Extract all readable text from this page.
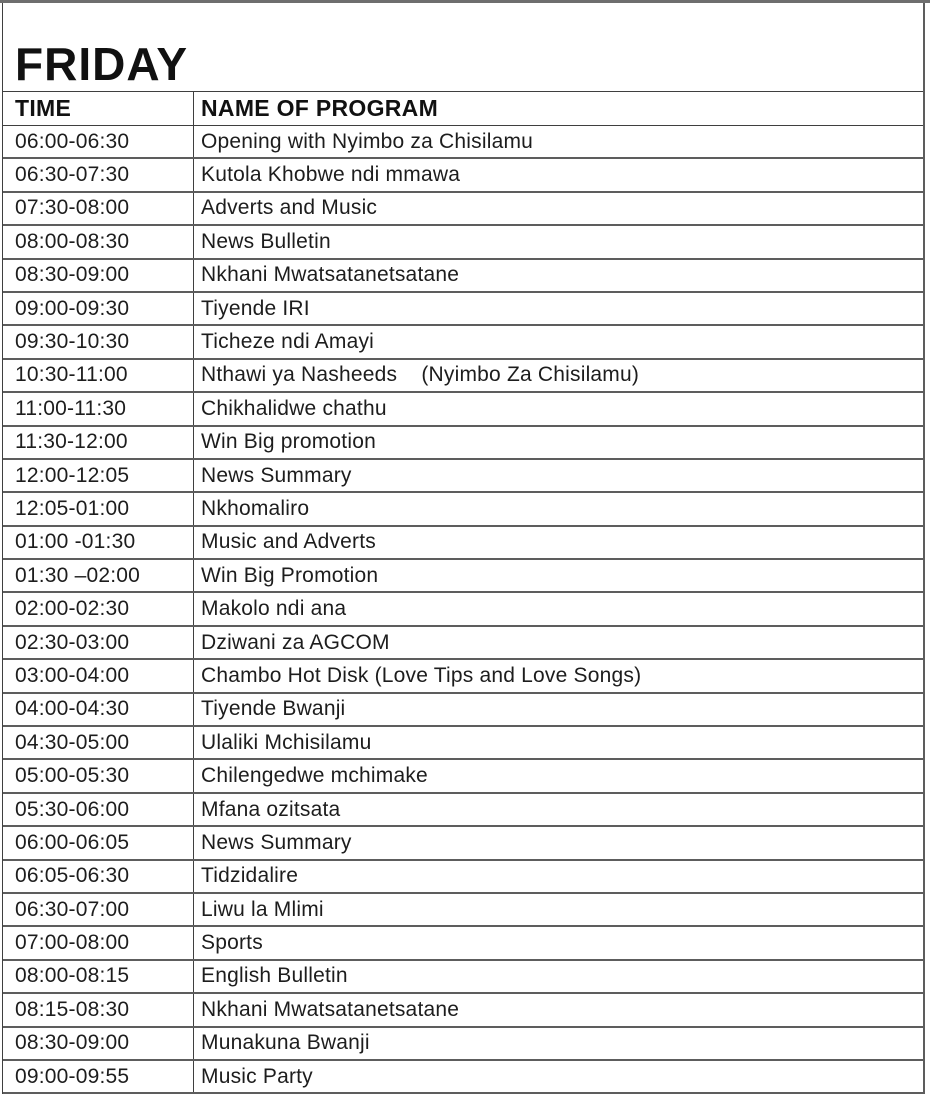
FRIDAY
TIME	NAME OF PROGRAM
06:00-06:30	Opening with Nyimbo za Chisilamu
06:30-07:30	Kutola Khobwe ndi mmawa
07:30-08:00	Adverts and Music
08:00-08:30	News Bulletin
08:30-09:00	Nkhani Mwatsatanetsatane
09:00-09:30	Tiyende IRI
09:30-10:30	Ticheze ndi Amayi
10:30-11:00	Nthawi ya Nasheeds    (Nyimbo Za Chisilamu)
11:00-11:30	Chikhalidwe chathu
11:30-12:00	Win Big promotion
12:00-12:05	News Summary
12:05-01:00	Nkhomaliro
01:00 -01:30	Music and Adverts
01:30 –02:00	Win Big Promotion
02:00-02:30	Makolo ndi ana
02:30-03:00	Dziwani za AGCOM
03:00-04:00	Chambo Hot Disk (Love Tips and Love Songs)
04:00-04:30	Tiyende Bwanji
04:30-05:00	Ulaliki Mchisilamu
05:00-05:30	Chilengedwe mchimake
05:30-06:00	Mfana ozitsata
06:00-06:05	News Summary
06:05-06:30	Tidzidalire
06:30-07:00	Liwu la Mlimi
07:00-08:00	Sports
08:00-08:15	English Bulletin
08:15-08:30	Nkhani Mwatsatanetsatane
08:30-09:00	Munakuna Bwanji
09:00-09:55	Music Party
